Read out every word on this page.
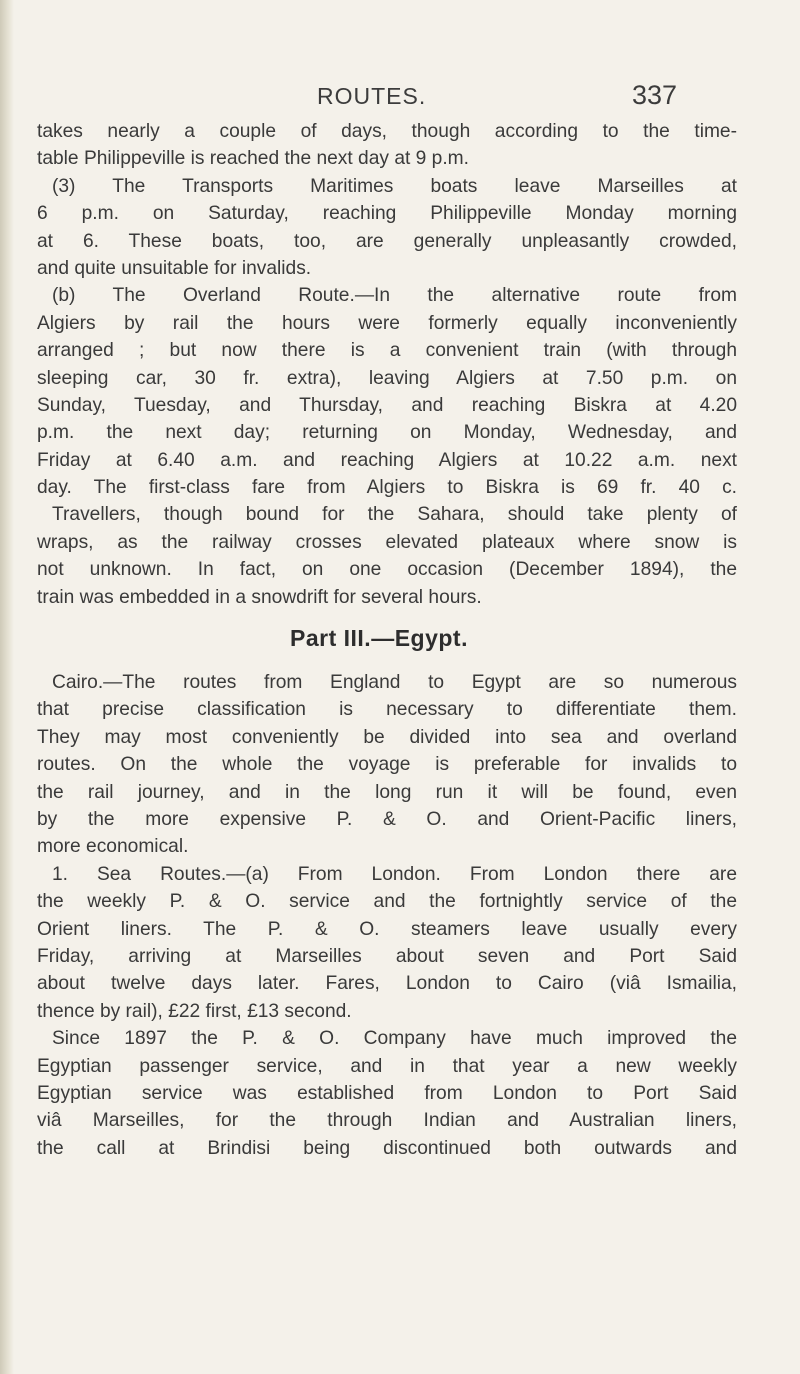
ROUTES.	337
takes nearly a couple of days, though according to the time-
table Philippeville is reached the next day at 9 p.m.
(3) The Transports Maritimes boats leave Marseilles at
6 p.m. on Saturday, reaching Philippeville Monday morning
at 6. These boats, too, are generally unpleasantly crowded,
and quite unsuitable for invalids.
(b) The Overland Route.—In the alternative route from
Algiers by rail the hours were formerly equally inconveniently
arranged ; but now there is a convenient train (with through
sleeping car, 30 fr. extra), leaving Algiers at 7.50 p.m. on
Sunday, Tuesday, and Thursday, and reaching Biskra at 4.20
p.m. the next day; returning on Monday, Wednesday, and
Friday at 6.40 a.m. and reaching Algiers at 10.22 a.m. next
day. The first-class fare from Algiers to Biskra is 69 fr. 40 c.
Travellers, though bound for the Sahara, should take plenty of
wraps, as the railway crosses elevated plateaux where snow is
not unknown. In fact, on one occasion (December 1894), the
train was embedded in a snowdrift for several hours.
Part III.—Egypt.
Cairo.—The routes from England to Egypt are so numerous
that precise classification is necessary to differentiate them.
They may most conveniently be divided into sea and overland
routes. On the whole the voyage is preferable for invalids to
the rail journey, and in the long run it will be found, even
by the more expensive P. & O. and Orient-Pacific liners,
more economical.
1. Sea Routes.—(a) From London. From London there are
the weekly P. & O. service and the fortnightly service of the
Orient liners. The P. & O. steamers leave usually every
Friday, arriving at Marseilles about seven and Port Said
about twelve days later. Fares, London to Cairo (viâ Ismailia,
thence by rail), £22 first, £13 second.
Since 1897 the P. & O. Company have much improved the
Egyptian passenger service, and in that year a new weekly
Egyptian service was established from London to Port Said
viâ Marseilles, for the through Indian and Australian liners,
the call at Brindisi being discontinued both outwards and
